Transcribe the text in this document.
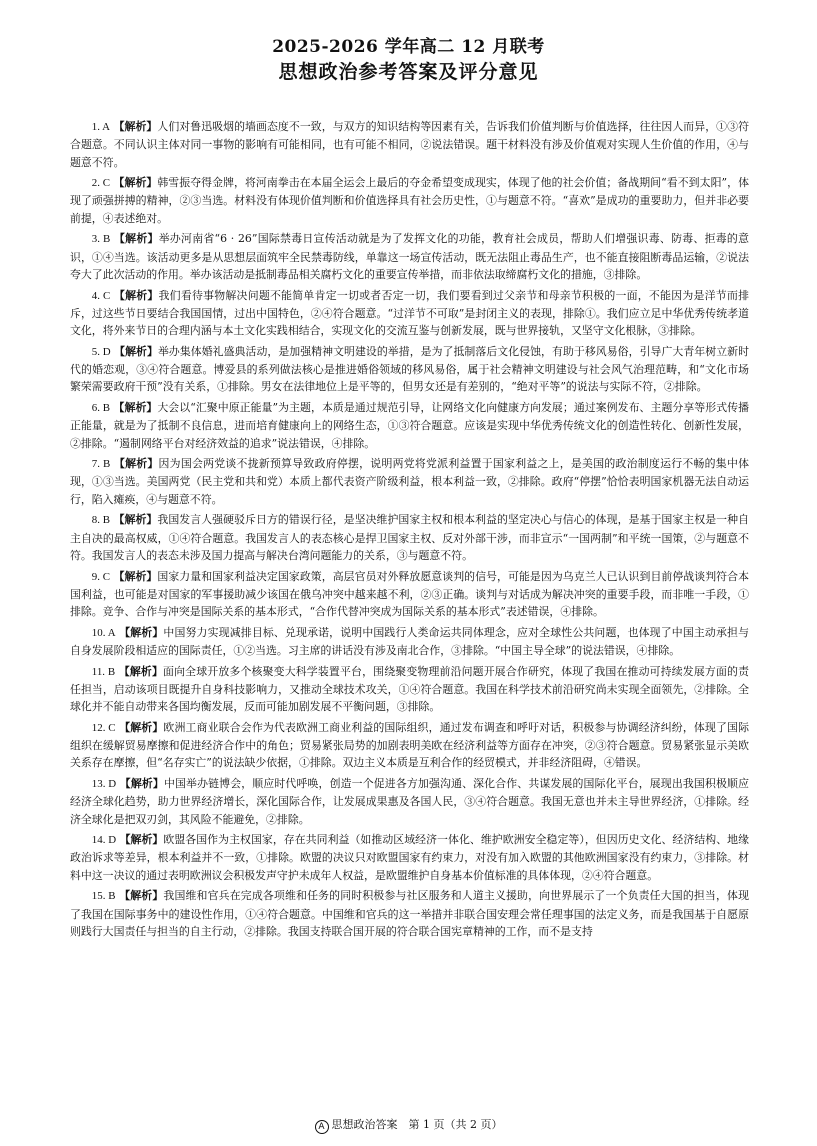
2025-2026 学年高二 12 月联考
思想政治参考答案及评分意见

1. A 【解析】人们对鲁迅吸烟的墙画态度不一致，与双方的知识结构等因素有关，告诉我们价值判断与价值选择，往往因人而异，①③符合题意。不同认识主体对同一事物的影响有可能相同，也有可能不相同，②说法错误。题干材料没有涉及价值观对实现人生价值的作用，④与题意不符。

2. C 【解析】韩雪振夺得金牌，将河南拳击在本届全运会上最后的夺金希望变成现实，体现了他的社会价值；备战期间“看不到太阳”，体现了顽强拼搏的精神，②③当选。材料没有体现价值判断和价值选择具有社会历史性，①与题意不符。“喜欢”是成功的重要助力，但并非必要前提，④表述绝对。

3. B 【解析】举办河南省“6 · 26”国际禁毒日宣传活动就是为了发挥文化的功能，教育社会成员，帮助人们增强识毒、防毒、拒毒的意识，①④当选。该活动更多是从思想层面筑牢全民禁毒防线，单靠这一场宣传活动，既无法阻止毒品生产，也不能直接阻断毒品运输，②说法夸大了此次活动的作用。举办该活动是抵制毒品相关腐朽文化的重要宣传举措，而非依法取缔腐朽文化的措施，③排除。

4. C 【解析】我们看待事物解决问题不能简单肯定一切或者否定一切，我们要看到过父亲节和母亲节积极的一面，不能因为是洋节而排斥，过这些节日要结合我国国情，过出中国特色，②④符合题意。“过洋节不可取”是封闭主义的表现，排除①。我们应立足中华优秀传统孝道文化，将外来节日的合理内涵与本土文化实践相结合，实现文化的交流互鉴与创新发展，既与世界接轨，又坚守文化根脉，③排除。

5. D 【解析】举办集体婚礼盛典活动，是加强精神文明建设的举措，是为了抵制落后文化侵蚀，有助于移风易俗，引导广大青年树立新时代的婚恋观，③④符合题意。博爱县的系列做法核心是推进婚俗领域的移风易俗，属于社会精神文明建设与社会风气治理范畴，和“文化市场繁荣需要政府干预”没有关系，①排除。男女在法律地位上是平等的，但男女还是有差别的，“绝对平等”的说法与实际不符，②排除。

6. B 【解析】大会以“汇聚中原正能量”为主题，本质是通过规范引导，让网络文化向健康方向发展；通过案例发布、主题分享等形式传播正能量，就是为了抵制不良信息，进而培育健康向上的网络生态，①③符合题意。应该是实现中华优秀传统文化的创造性转化、创新性发展，②排除。“遏制网络平台对经济效益的追求”说法错误，④排除。

7. B 【解析】因为国会两党谈不拢新预算导致政府停摆，说明两党将党派利益置于国家利益之上，是美国的政治制度运行不畅的集中体现，①③当选。美国两党（民主党和共和党）本质上都代表资产阶级利益，根本利益一致，②排除。政府“停摆”恰恰表明国家机器无法自动运行，陷入瘫痪，④与题意不符。

8. B 【解析】我国发言人强硬驳斥日方的错误行径，是坚决维护国家主权和根本利益的坚定决心与信心的体现，是基于国家主权是一种自主自决的最高权威，①④符合题意。我国发言人的表态核心是捍卫国家主权、反对外部干涉，而非宣示“一国两制”和平统一国策，②与题意不符。我国发言人的表态未涉及国力提高与解决台湾问题能力的关系，③与题意不符。

9. C 【解析】国家力量和国家利益决定国家政策，高层官员对外释放愿意谈判的信号，可能是因为乌克兰人已认识到目前停战谈判符合本国利益，也可能是对国家的军事援助减少该国在俄乌冲突中越来越不利，②③正确。谈判与对话成为解决冲突的重要手段，而非唯一手段，①排除。竞争、合作与冲突是国际关系的基本形式，“合作代替冲突成为国际关系的基本形式”表述错误，④排除。

10. A 【解析】中国努力实现减排目标、兑现承诺，说明中国践行人类命运共同体理念，应对全球性公共问题，也体现了中国主动承担与自身发展阶段相适应的国际责任，①②当选。习主席的讲话没有涉及南北合作，③排除。“中国主导全球”的说法错误，④排除。

11. B 【解析】面向全球开放多个核聚变大科学装置平台，围绕聚变物理前沿问题开展合作研究，体现了我国在推动可持续发展方面的责任担当，启动该项目既提升自身科技影响力，又推动全球技术攻关，①④符合题意。我国在科学技术前沿研究尚未实现全面领先，②排除。全球化并不能自动带来各国均衡发展，反而可能加剧发展不平衡问题，③排除。

12. C 【解析】欧洲工商业联合会作为代表欧洲工商业利益的国际组织，通过发布调查和呼吁对话，积极参与协调经济纠纷，体现了国际组织在缓解贸易摩擦和促进经济合作中的角色；贸易紧张局势的加剧表明美欧在经济利益等方面存在冲突，②③符合题意。贸易紧张显示美欧关系存在摩擦，但“名存实亡”的说法缺少依据，①排除。双边主义本质是互利合作的经贸模式，并非经济阻碍，④错误。

13. D 【解析】中国举办链博会，顺应时代呼唤，创造一个促进各方加强沟通、深化合作、共谋发展的国际化平台，展现出我国积极顺应经济全球化趋势，助力世界经济增长，深化国际合作，让发展成果惠及各国人民，③④符合题意。我国无意也并未主导世界经济，①排除。经济全球化是把双刃剑，其风险不能避免，②排除。

14. D 【解析】欧盟各国作为主权国家，存在共同利益（如推动区域经济一体化、维护欧洲安全稳定等），但因历史文化、经济结构、地缘政治诉求等差异，根本利益并不一致，①排除。欧盟的决议只对欧盟国家有约束力，对没有加入欧盟的其他欧洲国家没有约束力，③排除。材料中这一决议的通过表明欧洲议会积极发声守护未成年人权益，是欧盟维护自身基本价值标准的具体体现，②④符合题意。

15. B 【解析】我国维和官兵在完成各项维和任务的同时积极参与社区服务和人道主义援助，向世界展示了一个负责任大国的担当，体现了我国在国际事务中的建设性作用，①④符合题意。中国维和官兵的这一举措并非联合国安理会常任理事国的法定义务，而是我国基于自愿原则践行大国责任与担当的自主行动，②排除。我国支持联合国开展的符合联合国宪章精神的工作，而不是支持

A 思想政治答案　第 1 页（共 2 页）
